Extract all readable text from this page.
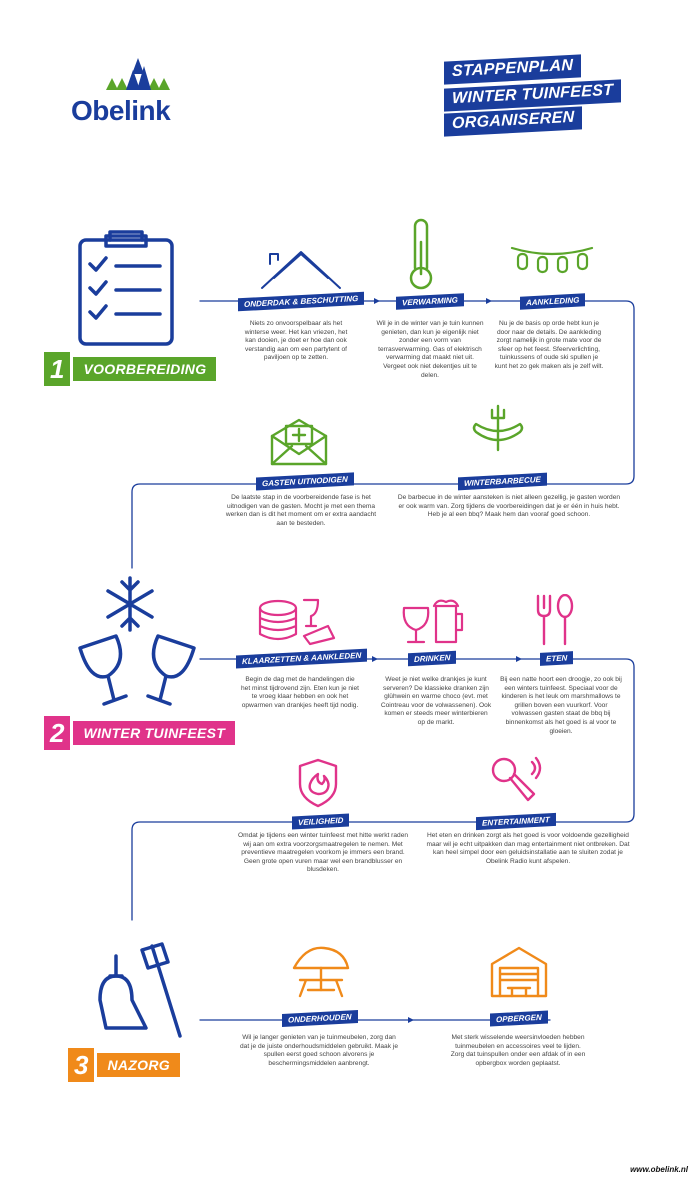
Obelink
STAPPENPLAN
WINTER TUINFEEST
ORGANISEREN
1	VOORBEREIDING
ONDERDAK & BESCHUTTING
Niets zo onvoorspelbaar als het winterse weer. Het kan vriezen, het kan dooien, je doet er hoe dan ook verstandig aan om een partytent of paviljoen op te zetten.
VERWARMING
Wil je in de winter van je tuin kunnen genieten, dan kun je eigenlijk niet zonder een vorm van terrasverwarming. Gas of elektrisch verwarming dat maakt niet uit. Vergeet ook niet dekentjes uit te delen.
AANKLEDING
Nu je de basis op orde hebt kun je door naar de details. De aankleding zorgt namelijk in grote mate voor de sfeer op het feest. Sfeerverlichting, tuinkussens of oude ski spullen je kunt het zo gek maken als je zelf wilt.
WINTERBARBECUE
De barbecue in de winter aansteken is niet alleen gezellig, je gasten worden er ook warm van. Zorg tijdens de voorbereidingen dat je er één in huis hebt. Heb je al een bbq? Maak hem dan vooraf goed schoon.
GASTEN UITNODIGEN
De laatste stap in de voorbereidende fase is het uitnodigen van de gasten. Mocht je met een thema werken dan is dit het moment om er extra aandacht aan te besteden.
2	WINTER TUINFEEST
KLAARZETTEN & AANKLEDEN
Begin de dag met de handelingen die het minst tijdrovend zijn. Eten kun je niet te vroeg klaar hebben en ook het opwarmen van drankjes heeft tijd nodig.
DRINKEN
Weet je niet welke drankjes je kunt serveren? De klassieke dranken zijn glühwein en warme choco (evt. met Cointreau voor de volwassenen). Ook komen er steeds meer winterbieren op de markt.
ETEN
Bij een natte hoort een droogje, zo ook bij een winters tuinfeest. Speciaal voor de kinderen is het leuk om marshmallows te grillen boven een vuurkorf. Voor volwassen gasten staat de bbq bij binnenkomst als het goed is al voor te gloeien.
ENTERTAINMENT
Het eten en drinken zorgt als het goed is voor voldoende gezelligheid maar wil je echt uitpakken dan mag entertainment niet ontbreken. Dat kan heel simpel door een geluidsinstallatie aan te sluiten zodat je Obelink Radio kunt afspelen.
VEILIGHEID
Omdat je tijdens een winter tuinfeest met hitte werkt raden wij aan om extra voorzorgsmaatregelen te nemen. Met preventieve maatregelen voorkom je immers een brand. Geen grote open vuren maar wel een brandblusser en blusdeken.
3	NAZORG
ONDERHOUDEN
Wil je langer genieten van je tuinmeubelen, zorg dan dat je de juiste onderhoudsmiddelen gebruikt. Maak je spullen eerst goed schoon alvorens je beschermingsmiddelen aanbrengt.
OPBERGEN
Met sterk wisselende weersinvloeden hebben tuinmeubelen en accessoires veel te lijden. Zorg dat tuinspullen onder een afdak of in een opbergbox worden geplaatst.
www.obelink.nl
